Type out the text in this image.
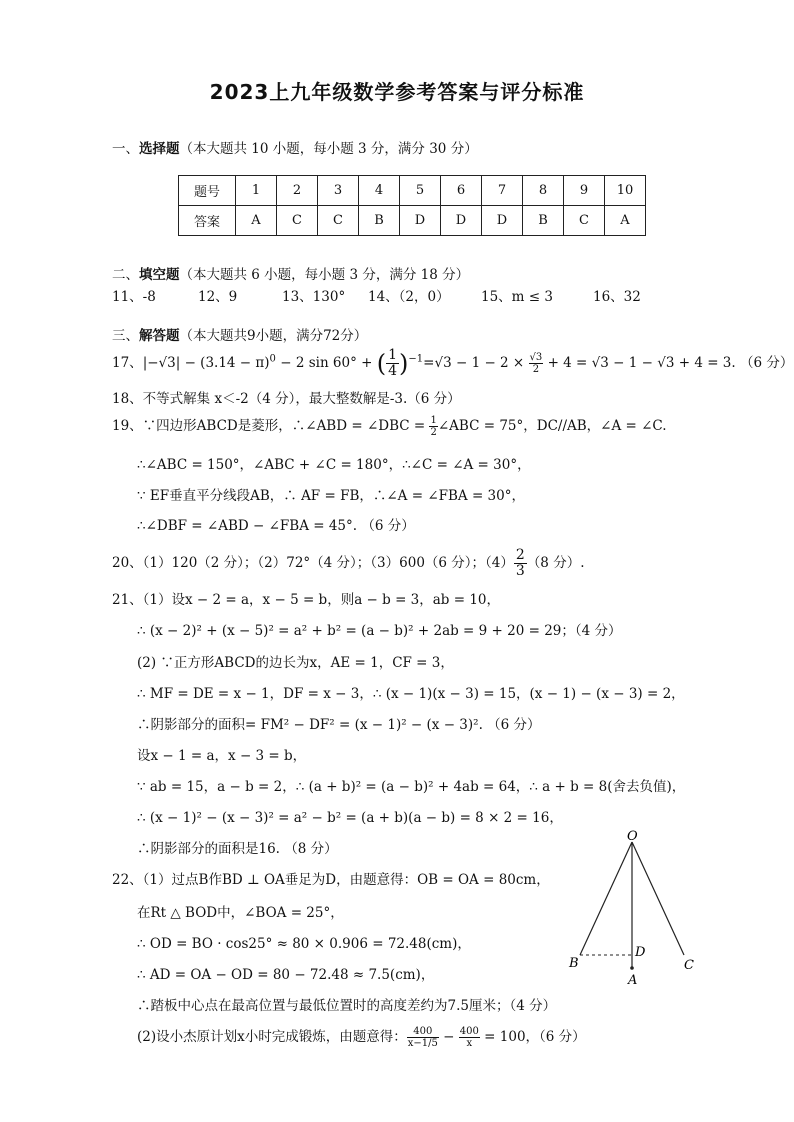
2023上九年级数学参考答案与评分标准
一、选择题（本大题共 10 小题，每小题 3 分，满分 30 分）
题号	1	2	3	4	5	6	7	8	9	10
答案	A	C	C	B	D	D	D	B	C	A
二、填空题（本大题共 6 小题，每小题 3 分，满分 18 分）
11、-8	12、9	13、130° 14、（2，0） 15、m ≤ 3	16、32
三、解答题（本大题共9小题，满分72分）
17、$|-√3| - (3.14 - \pi)^0 - 2$ sin 60° + ( $\frac{1}{4} )^{-1}=√3 - 1 - 2 \times \frac{√3}{2} + 4 = √3 - 1 - √3 + 4 = 3$. （6 分）
18、不等式解集 x＜-2（4 分），最大整数解是-3.（6 分）
19、∵四边形ABCD是菱形，∴∠ABD = ∠DBC = $\frac{1}{2}$ ∠ABC = 75°，DC//AB，∠A = ∠C.
∴∠ABC = 150°，∠ABC + ∠C = 180°，∴∠C = ∠A = 30°，
∵ EF垂直平分线段AB，∴ AF = FB，∴∠A = ∠FBA = 30°，
∴∠DBF = ∠ABD − ∠FBA = 45°. （6 分）
20、（1）120（2 分）；（2）72°（4 分）；（3）600（6 分）；$(4) \frac{2}{3} (8$ 分）.
21、（1）设x − 2 = a，x − 5 = b，则a − b = 3，ab = 10，
∴ (x − 2)² + (x − 5)² = a² + b² = (a − b)² + 2ab = 9 + 20 = 29；（4 分）
(2) ∵正方形ABCD的边长为x，AE = 1，CF = 3，
∴ MF = DE = x − 1，DF = x − 3，∴ (x − 1)(x − 3) = 15，(x − 1) − (x − 3) = 2，
∴阴影部分的面积= FM² − DF² = (x − 1)² − (x − 3)². （6 分）
设x − 1 = a，x − 3 = b，
∵ ab = 15，a − b = 2，∴ (a + b)² = (a − b)² + 4ab = 64，∴ a + b = 8(舍去负值)，
∴ (x − 1)² − (x − 3)² = a² − b² = (a + b)(a − b) = 8 × 2 = 16，
∴阴影部分的面积是16. （8 分）
22、（1）过点B作BD ⊥ OA垂足为D，由题意得：OB = OA = 80cm，
在Rt △ BOD中，∠BOA = 25°，
∴ OD = BO · cos25° ≈ 80 × 0.906 = 72.48(cm)，
∴ AD = OA − OD = 80 − 72.48 ≈ 7.5(cm)，
∴踏板中心点在最高位置与最低位置时的高度差约为7.5厘米；（4 分）
(2)设小杰原计划x小时完成锻炼，由题意得： $\frac{400}{x-1/5} - \frac{400}{x} = 100$，（6 分）
O
B
D
C
A
